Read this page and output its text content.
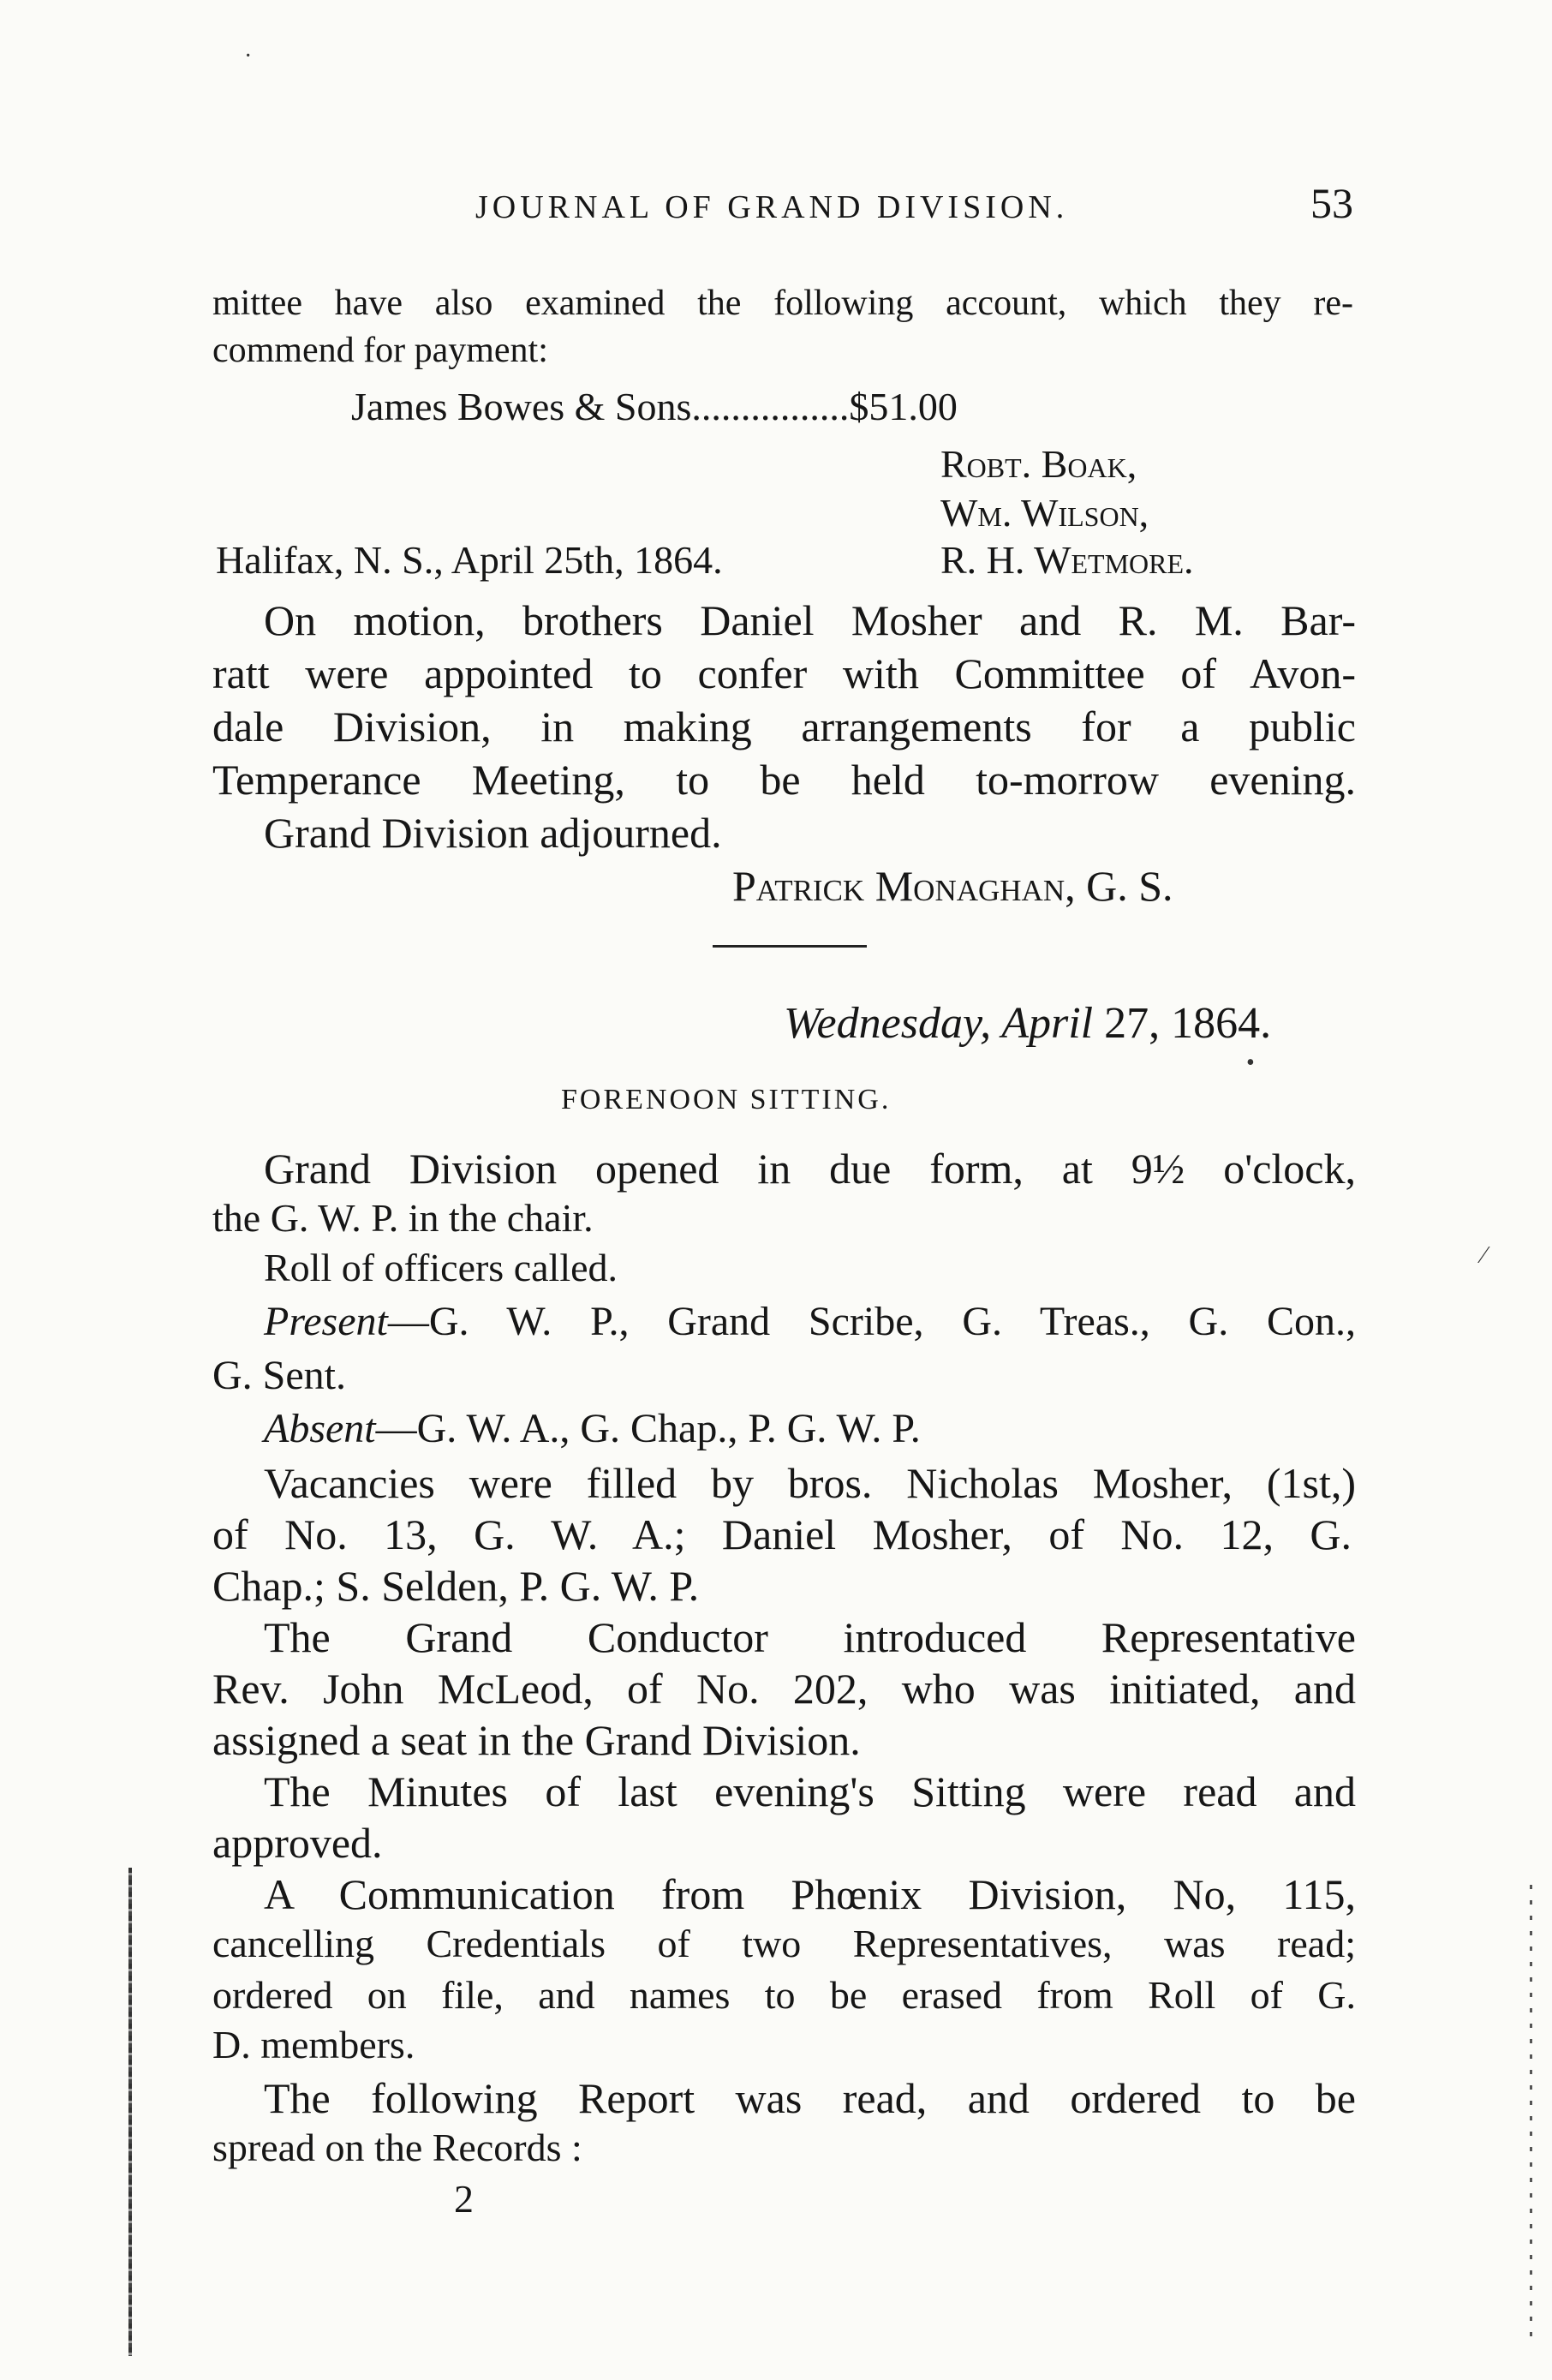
JOURNAL OF GRAND DIVISION.	53
mittee have also examined the following account, which they re-
commend for payment:
James Bowes & Sons................$51.00
Robt. Boak,
Wm. Wilson,
Halifax, N. S., April 25th, 1864.	R. H. Wetmore.
On motion, brothers Daniel Mosher and R. M. Bar-
ratt were appointed to confer with Committee of Avon-
dale Division, in making arrangements for a public
Temperance Meeting, to be held to-morrow evening.
Grand Division adjourned.
Patrick Monaghan, G. S.
Wednesday, April 27, 1864.
FORENOON SITTING.
Grand Division opened in due form, at 9½ o'clock,
the G. W. P. in the chair.
Roll of officers called.
Present—G. W. P., Grand Scribe, G. Treas., G. Con.,
G. Sent.
Absent—G. W. A., G. Chap., P. G. W. P.
Vacancies were filled by bros. Nicholas Mosher, (1st,)
of No. 13, G. W. A.; Daniel Mosher, of No. 12, G.
Chap.; S. Selden, P. G. W. P.
The Grand Conductor introduced Representative
Rev. John McLeod, of No. 202, who was initiated, and
assigned a seat in the Grand Division.
The Minutes of last evening's Sitting were read and
approved.
A Communication from Phœnix Division, No, 115,
cancelling Credentials of two Representatives, was read;
ordered on file, and names to be erased from Roll of G.
D. members.
The following Report was read, and ordered to be
spread on the Records :
2
·
⁄
•
